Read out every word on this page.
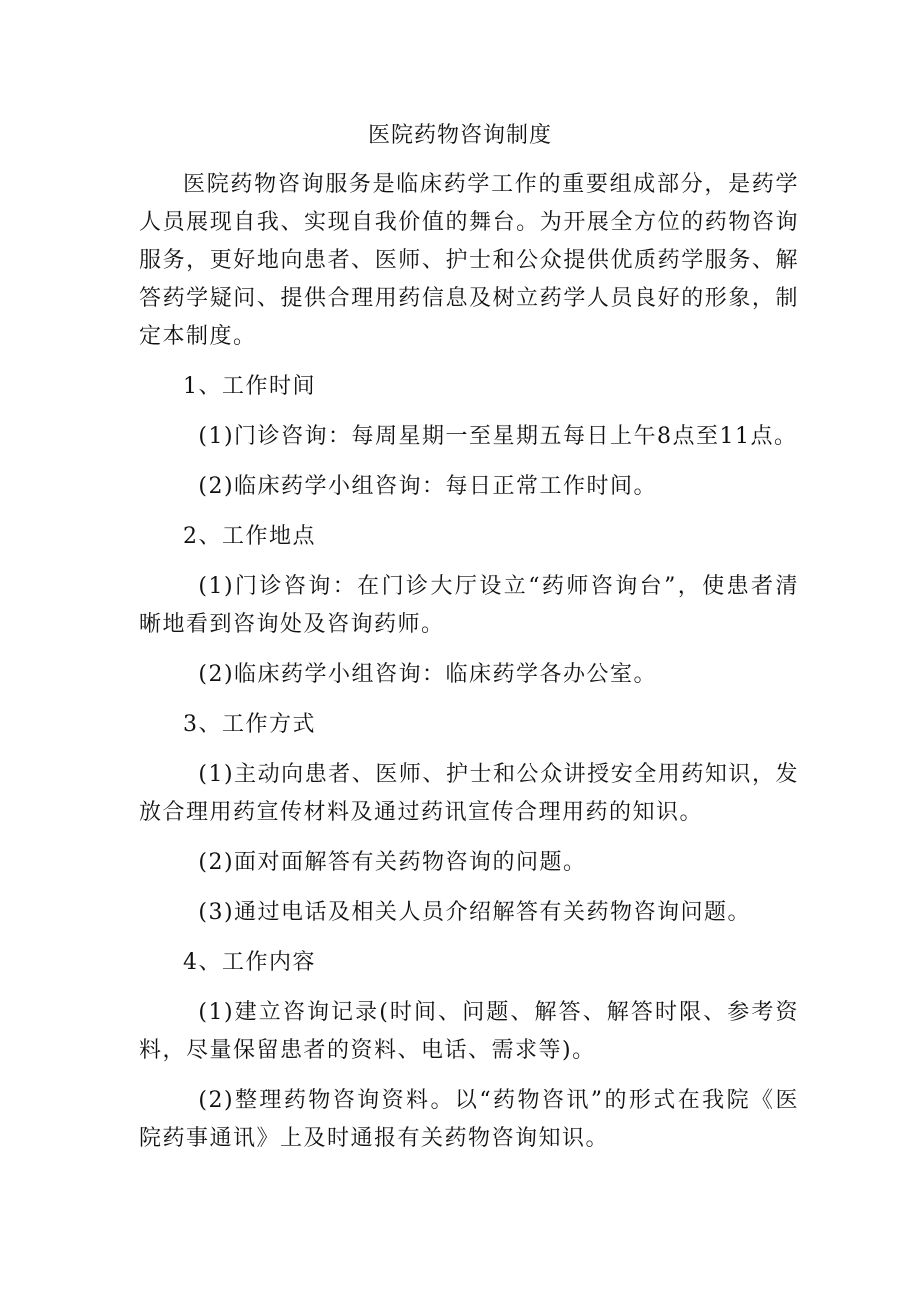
医院药物咨询制度

医院药物咨询服务是临床药学工作的重要组成部分，是药学人员展现自我、实现自我价值的舞台。为开展全方位的药物咨询服务，更好地向患者、医师、护士和公众提供优质药学服务、解答药学疑问、提供合理用药信息及树立药学人员良好的形象，制定本制度。

1、工作时间

(1)门诊咨询：每周星期一至星期五每日上午8点至11点。

(2)临床药学小组咨询：每日正常工作时间。

2、工作地点

(1)门诊咨询：在门诊大厅设立“药师咨询台”，使患者清晰地看到咨询处及咨询药师。

(2)临床药学小组咨询：临床药学各办公室。

3、工作方式

(1)主动向患者、医师、护士和公众讲授安全用药知识，发放合理用药宣传材料及通过药讯宣传合理用药的知识。

(2)面对面解答有关药物咨询的问题。

(3)通过电话及相关人员介绍解答有关药物咨询问题。

4、工作内容

(1)建立咨询记录(时间、问题、解答、解答时限、参考资料，尽量保留患者的资料、电话、需求等)。

(2)整理药物咨询资料。以“药物咨讯”的形式在我院《医院药事通讯》上及时通报有关药物咨询知识。
